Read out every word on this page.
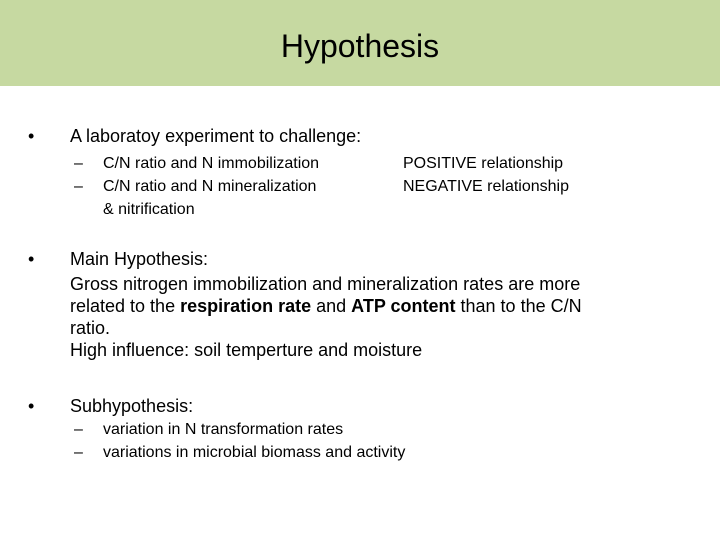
Hypothesis
• A laboratoy experiment to challenge:
– C/N ratio and N immobilization	POSITIVE relationship
– C/N ratio and N mineralization
& nitrification
NEGATIVE relationship
• Main Hypothesis:
Gross nitrogen immobilization and mineralization rates are more
related to the respiration rate and ATP content than to the C/N
ratio.
High influence: soil temperture and moisture
• Subhypothesis:
– variation in N transformation rates
– variations in microbial biomass and activity
